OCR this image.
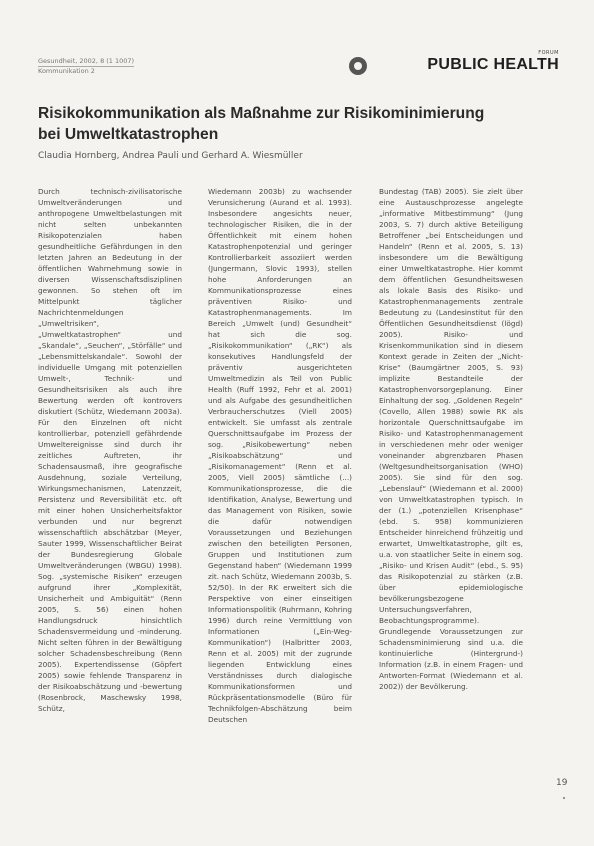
Gesundheit, 2002, 8 (1 1007)
Kommunikation 2
FORUM
PUBLIC HEALTH
Risikokommunikation als Maßnahme zur Risikominimierung
bei Umweltkatastrophen
Claudia Hornberg, Andrea Pauli und Gerhard A. Wiesmüller

Durch technisch-zivilisatorische Umweltveränderungen und anthropogene Umweltbelastungen mit nicht selten unbekannten Risikopotenzialen haben gesundheitliche Gefährdungen in den letzten Jahren an Bedeutung in der öffentlichen Wahrnehmung sowie in diversen Wissenschaftsdisziplinen gewonnen. So stehen oft im Mittelpunkt täglicher Nachrichtenmeldungen „Umweltrisiken“, „Umweltkatastrophen“ und „Skandale“, „Seuchen“, „Störfälle“ und „Lebensmittelskandale“. Sowohl der individuelle Umgang mit potenziellen Umwelt-, Technik- und Gesundheitsrisiken als auch ihre Bewertung werden oft kontrovers diskutiert (Schütz, Wiedemann 2003a). Für den Einzelnen oft nicht kontrollierbar, potenziell gefährdende Umweltereignisse sind durch ihr zeitliches Auftreten, ihr Schadensausmaß, ihre geografische Ausdehnung, soziale Verteilung, Wirkungsmechanismen, Latenzzeit, Persistenz und Reversibilität etc. oft mit einer hohen Unsicherheitsfaktor verbunden und nur begrenzt wissenschaftlich abschätzbar (Meyer, Sauter 1999, Wissenschaftlicher Beirat der Bundesregierung Globale Umweltveränderungen (WBGU) 1998). Sog. „systemische Risiken“ erzeugen aufgrund ihrer „Komplexität, Unsicherheit und Ambiguität“ (Renn 2005, S. 56) einen hohen Handlungsdruck hinsichtlich Schadensvermeidung und -minderung. Nicht selten führen in der Bewältigung solcher Schadensbeschreibung (Renn 2005). Expertendissense (Göpfert 2005) sowie fehlende Transparenz in der Risikoabschätzung und -bewertung (Rosenbrock, Maschewsky 1998, Schütz,

Wiedemann 2003b) zu wachsender Verunsicherung (Aurand et al. 1993). Insbesondere angesichts neuer, technologischer Risiken, die in der Öffentlichkeit mit einem hohen Katastrophenpotenzial und geringer Kontrollierbarkeit assoziiert werden (Jungermann, Slovic 1993), stellen hohe Anforderungen an Kommunikationsprozesse eines präventiven Risiko- und Katastrophenmanagements. Im Bereich „Umwelt (und) Gesundheit“ hat sich die sog. „Risikokommunikation“ („RK“) als konsekutives Handlungsfeld der präventiv ausgerichteten Umweltmedizin als Teil von Public Health (Ruff 1992, Fehr et al. 2001) und als Aufgabe des gesundheitlichen Verbraucherschutzes (Viell 2005) entwickelt. Sie umfasst als zentrale Querschnittsaufgabe im Prozess der sog. „Risikobewertung“ neben „Risikoabschätzung“ und „Risikomanagement“ (Renn et al. 2005, Viell 2005) sämtliche (...) Kommunikationsprozesse, die die Identifikation, Analyse, Bewertung und das Management von Risiken, sowie die dafür notwendigen Voraussetzungen und Beziehungen zwischen den beteiligten Personen, Gruppen und Institutionen zum Gegenstand haben“ (Wiedemann 1999 zit. nach Schütz, Wiedemann 2003b, S. 52/50). In der RK erweitert sich die Perspektive von einer einseitigen Informationspolitik (Ruhrmann, Kohring 1996) durch reine Vermittlung von Informationen („Ein-Weg-Kommunikation“) (Halbritter 2003, Renn et al. 2005) mit der zugrunde liegenden Entwicklung eines Verständnisses durch dialogische Kommunikationsformen und Rückpräsentationsmodelle (Büro für Technikfolgen-Abschätzung beim Deutschen

Bundestag (TAB) 2005). Sie zielt über eine Austauschprozesse angelegte „informative Mitbestimmung“ (Jung 2003, S. 7) durch aktive Beteiligung Betroffener „bei Entscheidungen und Handeln“ (Renn et al. 2005, S. 13) insbesondere um die Bewältigung einer Umweltkatastrophe. Hier kommt dem öffentlichen Gesundheitswesen als lokale Basis des Risiko- und Katastrophenmanagements zentrale Bedeutung zu (Landesinstitut für den Öffentlichen Gesundheitsdienst (lögd) 2005). Risiko- und Krisenkommunikation sind in diesem Kontext gerade in Zeiten der „Nicht-Krise“ (Baumgärtner 2005, S. 93) implizite Bestandteile der Katastrophenvorsorgeplanung. Einer Einhaltung der sog. „Goldenen Regeln“ (Covello, Allen 1988) sowie RK als horizontale Querschnittsaufgabe im Risiko- und Katastrophenmanagement in verschiedenen mehr oder weniger voneinander abgrenzbaren Phasen (Weltgesundheitsorganisation (WHO) 2005). Sie sind für den sog. „Lebenslauf“ (Wiedemann et al. 2000) von Umweltkatastrophen typisch. In der (1.) „potenziellen Krisenphase“ (ebd. S. 958) kommunizieren Entscheider hinreichend frühzeitig und erwartet, Umweltkatastrophe, gilt es, u.a. von staatlicher Seite in einem sog. „Risiko- und Krisen Audit“ (ebd., S. 95) das Risikopotenzial zu stärken (z.B. über epidemiologische bevölkerungsbezogene Untersuchungsverfahren, Beobachtungsprogramme). Grundlegende Voraussetzungen zur Schadensminimierung sind u.a. die kontinuierliche (Hintergrund-) Information (z.B. in einem Fragen- und Antworten-Format (Wiedemann et al. 2002)) der Bevölkerung.

19
